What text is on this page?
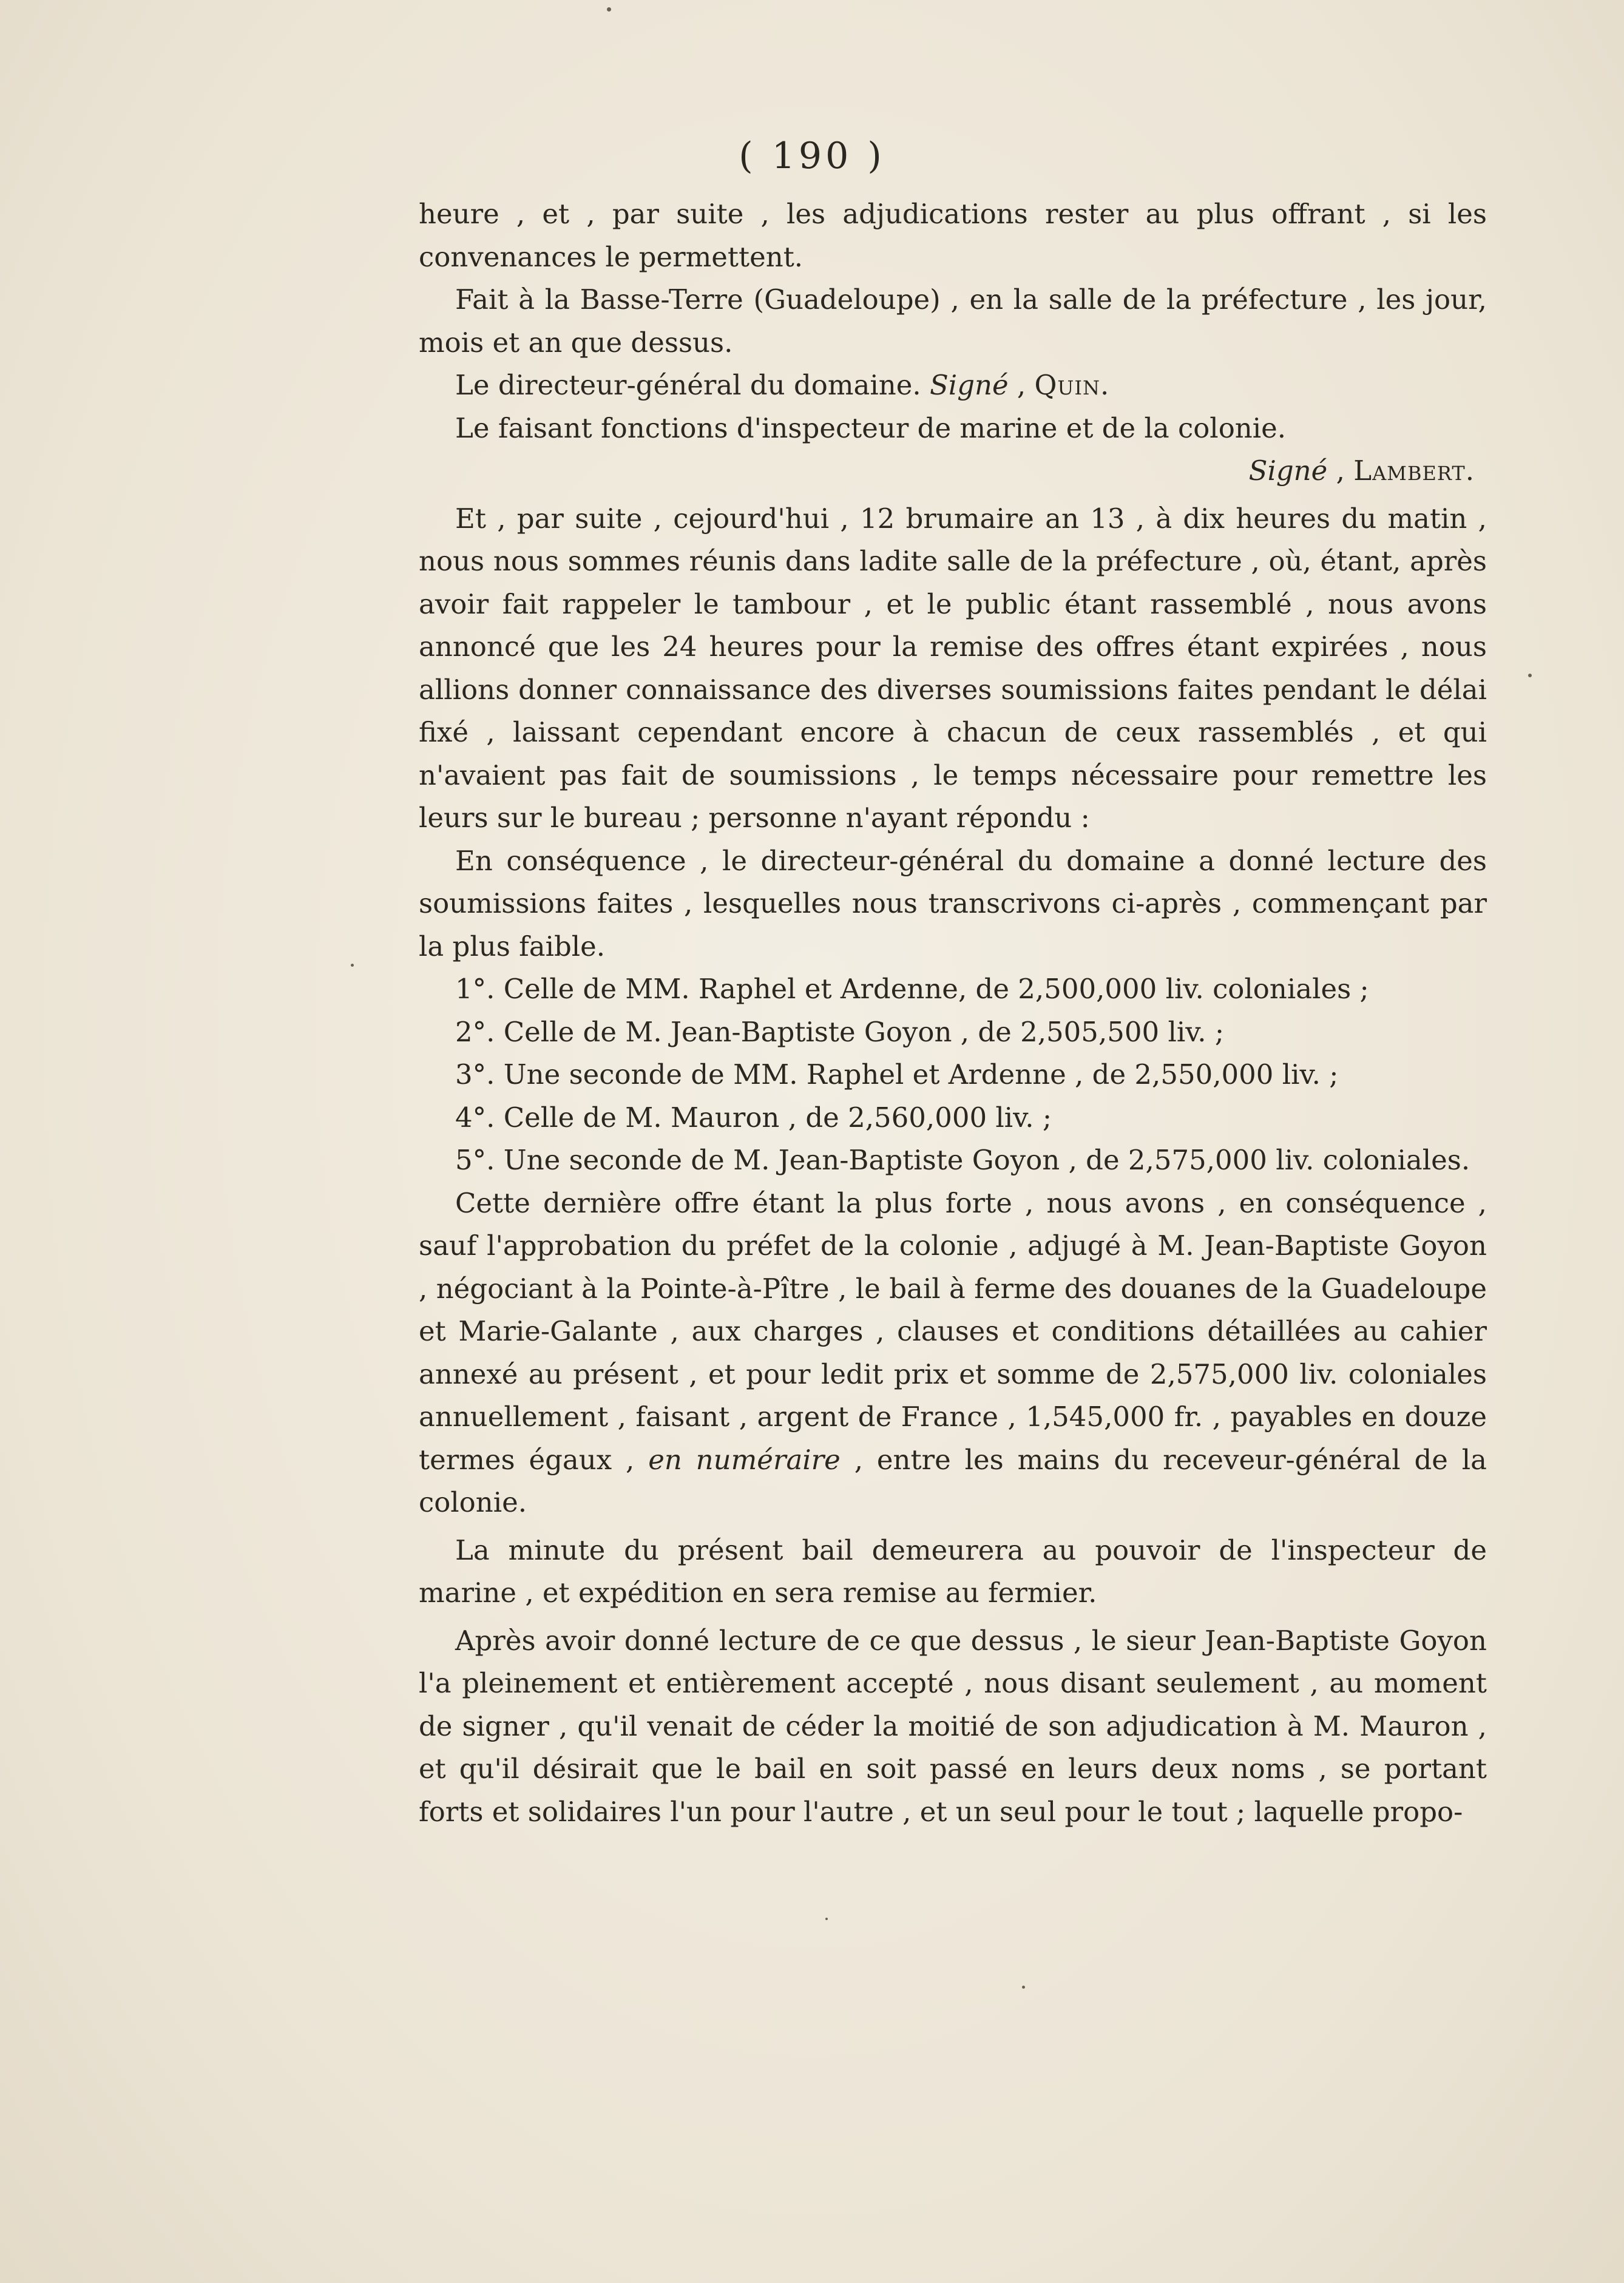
( 190 )

heure , et , par suite , les adjudications rester au plus offrant , si les convenances le permettent.

Fait à la Basse-Terre (Guadeloupe) , en la salle de la préfecture , les jour, mois et an que dessus.

Le directeur-général du domaine. Signé , Quin.

Le faisant fonctions d'inspecteur de marine et de la colonie.

Signé , Lambert.

Et , par suite , cejourd'hui , 12 brumaire an 13 , à dix heures du matin , nous nous sommes réunis dans ladite salle de la préfecture , où, étant, après avoir fait rappeler le tambour , et le public étant rassemblé , nous avons annoncé que les 24 heures pour la remise des offres étant expirées , nous allions donner connaissance des diverses soumissions faites pendant le délai fixé , laissant cependant encore à chacun de ceux rassemblés , et qui n'avaient pas fait de soumissions , le temps nécessaire pour remettre les leurs sur le bureau ; personne n'ayant répondu :

En conséquence , le directeur-général du domaine a donné lecture des soumissions faites , lesquelles nous transcrivons ci-après , commençant par la plus faible.

1°. Celle de MM. Raphel et Ardenne, de 2,500,000 liv. coloniales ;

2°. Celle de M. Jean-Baptiste Goyon , de 2,505,500 liv. ;

3°. Une seconde de MM. Raphel et Ardenne , de 2,550,000 liv. ;

4°. Celle de M. Mauron , de 2,560,000 liv. ;

5°. Une seconde de M. Jean-Baptiste Goyon , de 2,575,000 liv. coloniales.

Cette dernière offre étant la plus forte , nous avons , en conséquence , sauf l'approbation du préfet de la colonie , adjugé à M. Jean-Baptiste Goyon , négociant à la Pointe-à-Pître , le bail à ferme des douanes de la Guadeloupe et Marie-Galante , aux charges , clauses et conditions détaillées au cahier annexé au présent , et pour ledit prix et somme de 2,575,000 liv. coloniales annuellement , faisant , argent de France , 1,545,000 fr. , payables en douze termes égaux , en numéraire , entre les mains du receveur-général de la colonie.

La minute du présent bail demeurera au pouvoir de l'inspecteur de marine , et expédition en sera remise au fermier.

Après avoir donné lecture de ce que dessus , le sieur Jean-Baptiste Goyon l'a pleinement et entièrement accepté , nous disant seulement , au moment de signer , qu'il venait de céder la moitié de son adjudication à M. Mauron , et qu'il désirait que le bail en soit passé en leurs deux noms , se portant forts et solidaires l'un pour l'autre , et un seul pour le tout ; laquelle propo-
